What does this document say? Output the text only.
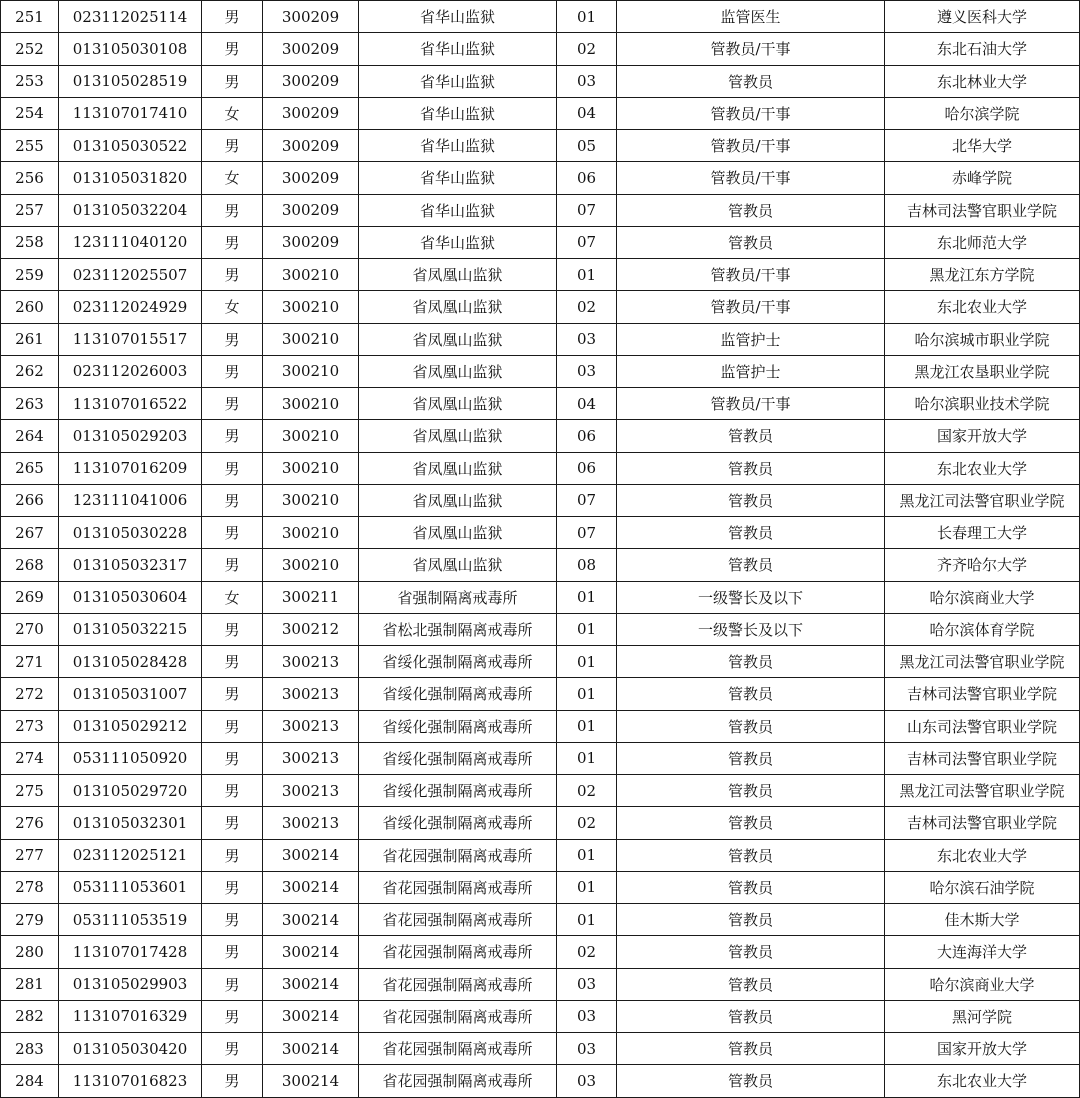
251	023112025114	男	300209	省华山监狱	01	监管医生	遵义医科大学
252	013105030108	男	300209	省华山监狱	02	管教员/干事	东北石油大学
253	013105028519	男	300209	省华山监狱	03	管教员	东北林业大学
254	113107017410	女	300209	省华山监狱	04	管教员/干事	哈尔滨学院
255	013105030522	男	300209	省华山监狱	05	管教员/干事	北华大学
256	013105031820	女	300209	省华山监狱	06	管教员/干事	赤峰学院
257	013105032204	男	300209	省华山监狱	07	管教员	吉林司法警官职业学院
258	123111040120	男	300209	省华山监狱	07	管教员	东北师范大学
259	023112025507	男	300210	省凤凰山监狱	01	管教员/干事	黑龙江东方学院
260	023112024929	女	300210	省凤凰山监狱	02	管教员/干事	东北农业大学
261	113107015517	男	300210	省凤凰山监狱	03	监管护士	哈尔滨城市职业学院
262	023112026003	男	300210	省凤凰山监狱	03	监管护士	黑龙江农垦职业学院
263	113107016522	男	300210	省凤凰山监狱	04	管教员/干事	哈尔滨职业技术学院
264	013105029203	男	300210	省凤凰山监狱	06	管教员	国家开放大学
265	113107016209	男	300210	省凤凰山监狱	06	管教员	东北农业大学
266	123111041006	男	300210	省凤凰山监狱	07	管教员	黑龙江司法警官职业学院
267	013105030228	男	300210	省凤凰山监狱	07	管教员	长春理工大学
268	013105032317	男	300210	省凤凰山监狱	08	管教员	齐齐哈尔大学
269	013105030604	女	300211	省强制隔离戒毒所	01	一级警长及以下	哈尔滨商业大学
270	013105032215	男	300212	省松北强制隔离戒毒所	01	一级警长及以下	哈尔滨体育学院
271	013105028428	男	300213	省绥化强制隔离戒毒所	01	管教员	黑龙江司法警官职业学院
272	013105031007	男	300213	省绥化强制隔离戒毒所	01	管教员	吉林司法警官职业学院
273	013105029212	男	300213	省绥化强制隔离戒毒所	01	管教员	山东司法警官职业学院
274	053111050920	男	300213	省绥化强制隔离戒毒所	01	管教员	吉林司法警官职业学院
275	013105029720	男	300213	省绥化强制隔离戒毒所	02	管教员	黑龙江司法警官职业学院
276	013105032301	男	300213	省绥化强制隔离戒毒所	02	管教员	吉林司法警官职业学院
277	023112025121	男	300214	省花园强制隔离戒毒所	01	管教员	东北农业大学
278	053111053601	男	300214	省花园强制隔离戒毒所	01	管教员	哈尔滨石油学院
279	053111053519	男	300214	省花园强制隔离戒毒所	01	管教员	佳木斯大学
280	113107017428	男	300214	省花园强制隔离戒毒所	02	管教员	大连海洋大学
281	013105029903	男	300214	省花园强制隔离戒毒所	03	管教员	哈尔滨商业大学
282	113107016329	男	300214	省花园强制隔离戒毒所	03	管教员	黑河学院
283	013105030420	男	300214	省花园强制隔离戒毒所	03	管教员	国家开放大学
284	113107016823	男	300214	省花园强制隔离戒毒所	03	管教员	东北农业大学
